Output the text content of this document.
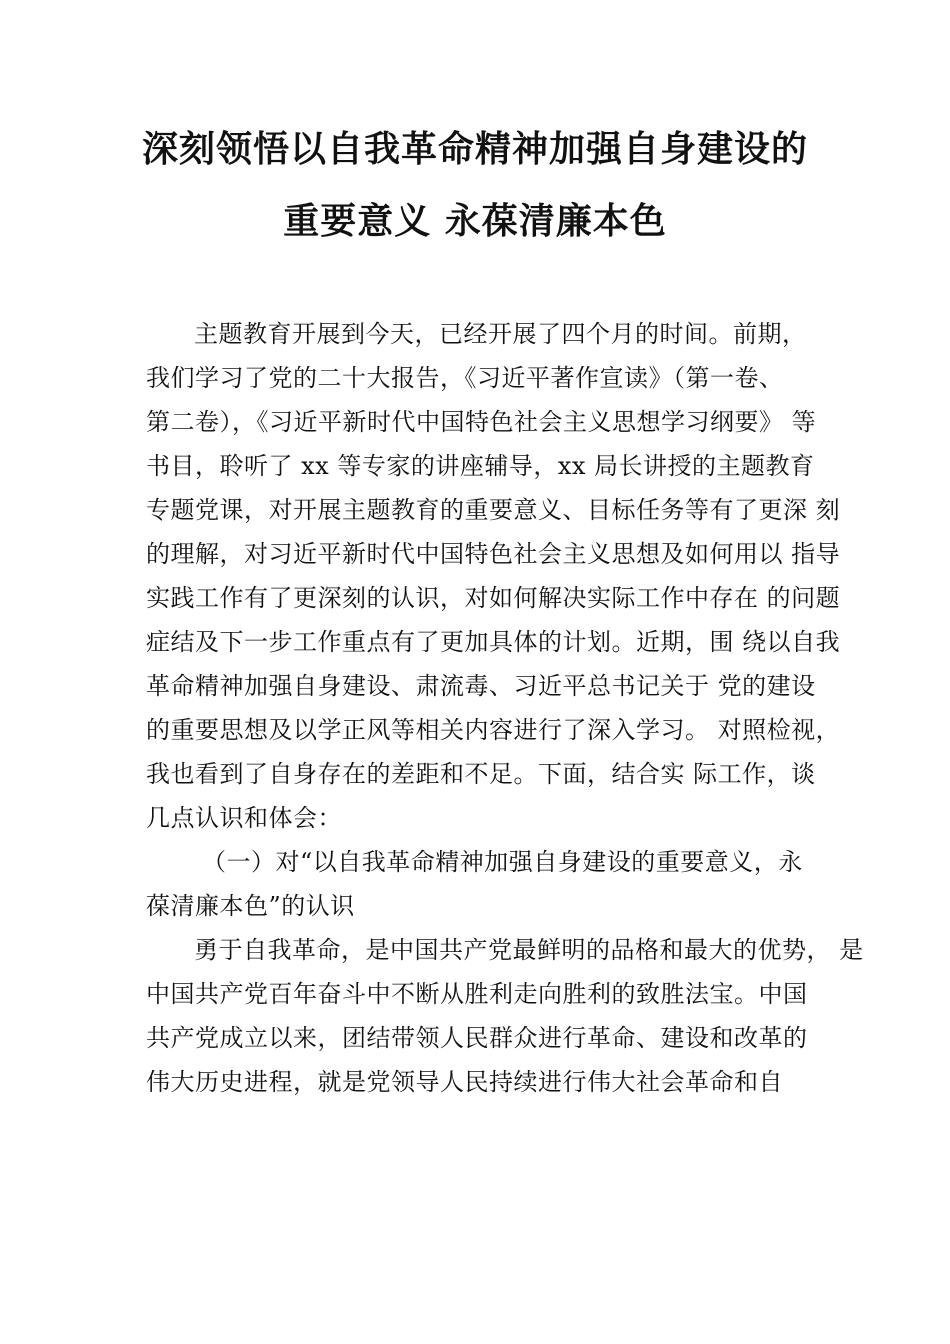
深刻领悟以自我革命精神加强自身建设的
重要意义 永葆清廉本色
主题教育开展到今天，已经开展了四个月的时间。前期，
我们学习了党的二十大报告，《习近平著作宣读》（第一卷、
第二卷），《习近平新时代中国特色社会主义思想学习纲要》 等
书目，聆听了 xx 等专家的讲座辅导，xx 局长讲授的主题教育
专题党课，对开展主题教育的重要意义、目标任务等有了更深 刻
的理解，对习近平新时代中国特色社会主义思想及如何用以 指导
实践工作有了更深刻的认识，对如何解决实际工作中存在 的问题
症结及下一步工作重点有了更加具体的计划。近期，围 绕以自我
革命精神加强自身建设、肃流毒、习近平总书记关于 党的建设
的重要思想及以学正风等相关内容进行了深入学习。 对照检视，
我也看到了自身存在的差距和不足。下面，结合实 际工作，谈
几点认识和体会：
（一）对“以自我革命精神加强自身建设的重要意义，永
葆清廉本色”的认识
勇于自我革命，是中国共产党最鲜明的品格和最大的优势， 是
中国共产党百年奋斗中不断从胜利走向胜利的致胜法宝。中国
共产党成立以来，团结带领人民群众进行革命、建设和改革的
伟大历史进程，就是党领导人民持续进行伟大社会革命和自
